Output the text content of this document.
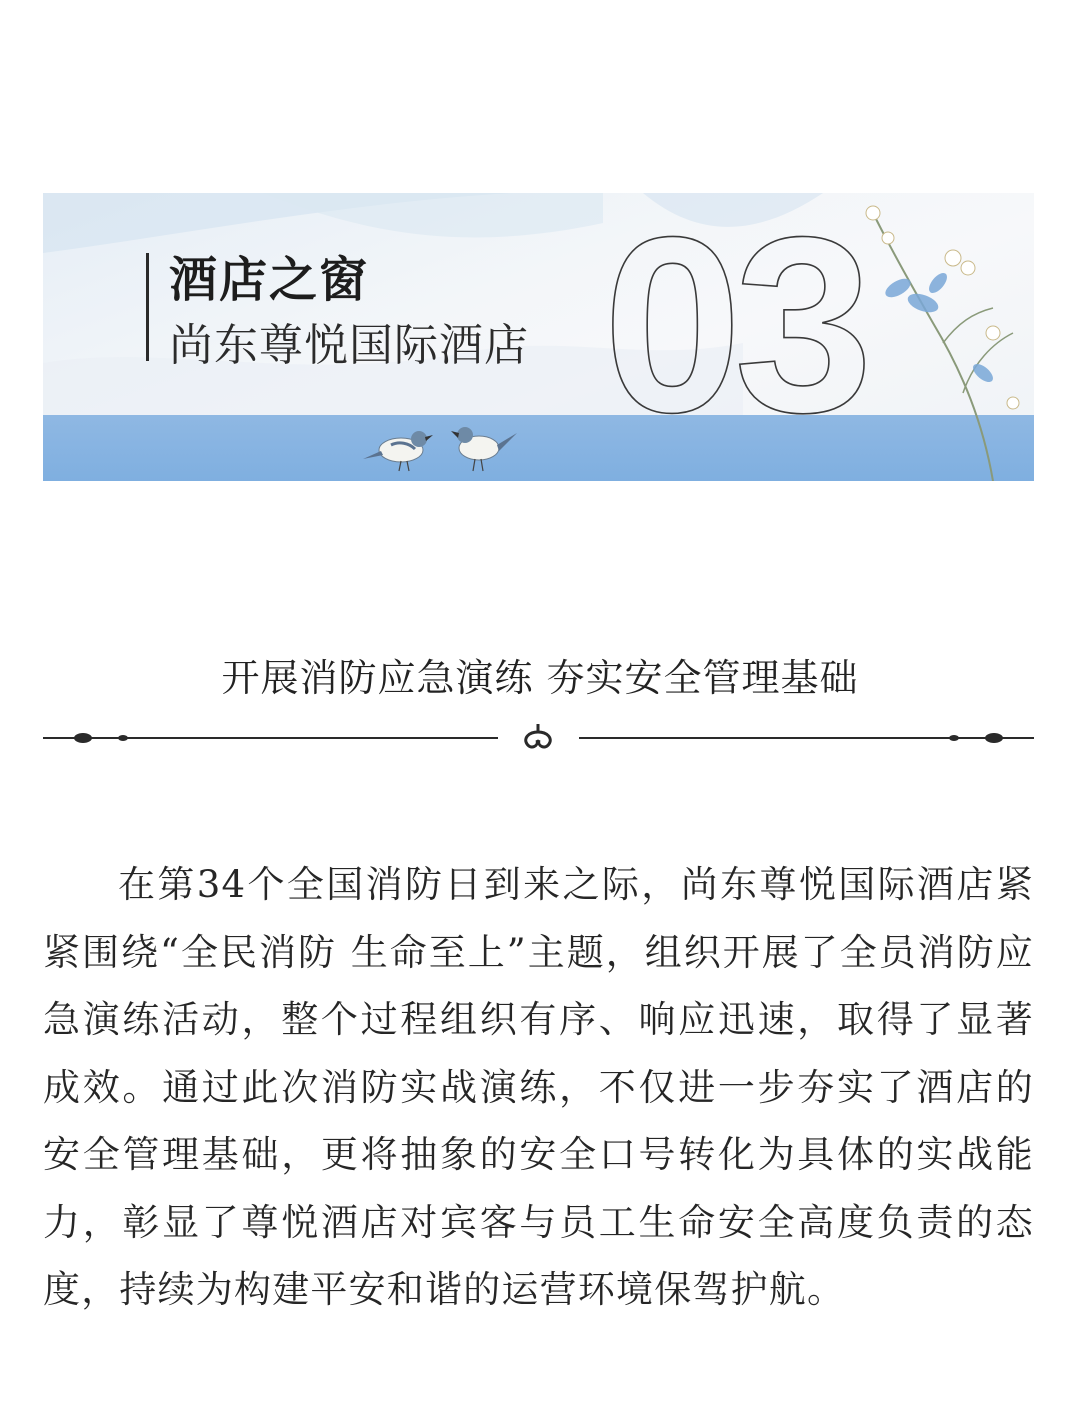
03
酒店之窗
尚东尊悦国际酒店
开展消防应急演练 夯实安全管理基础

在第34个全国消防日到来之际，尚东尊悦国际酒店紧紧围绕“全民消防 生命至上”主题，组织开展了全员消防应急演练活动，整个过程组织有序、响应迅速，取得了显著成效。通过此次消防实战演练，不仅进一步夯实了酒店的安全管理基础，更将抽象的安全口号转化为具体的实战能力，彰显了尊悦酒店对宾客与员工生命安全高度负责的态度，持续为构建平安和谐的运营环境保驾护航。
